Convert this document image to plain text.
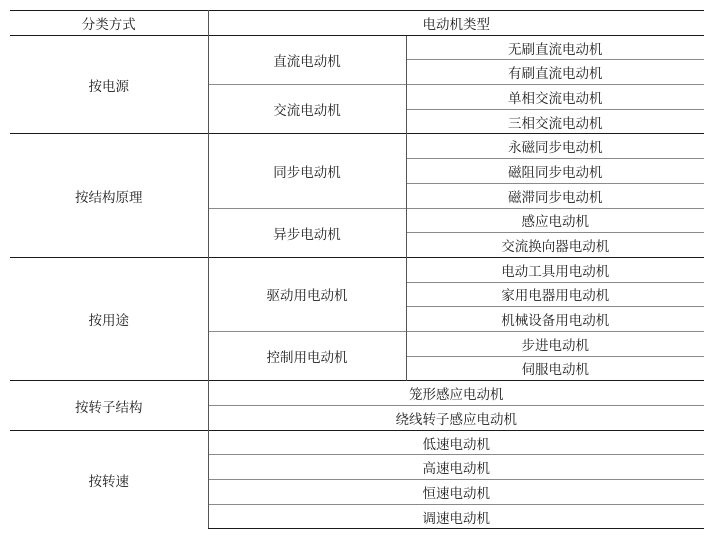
分类方式	电动机类型	
按电源	直流电动机	无刷直流电动机
		有刷直流电动机
	交流电动机	单相交流电动机
		三相交流电动机
按结构原理	同步电动机	永磁同步电动机
		磁阻同步电动机
		磁滞同步电动机
	异步电动机	感应电动机
		交流换向器电动机
按用途	驱动用电动机	电动工具用电动机
		家用电器用电动机
		机械设备用电动机
	控制用电动机	步进电动机
		伺服电动机
按转子结构	笼形感应电动机	
	绕线转子感应电动机	
按转速	低速电动机	
	高速电动机	
	恒速电动机	
	调速电动机	
